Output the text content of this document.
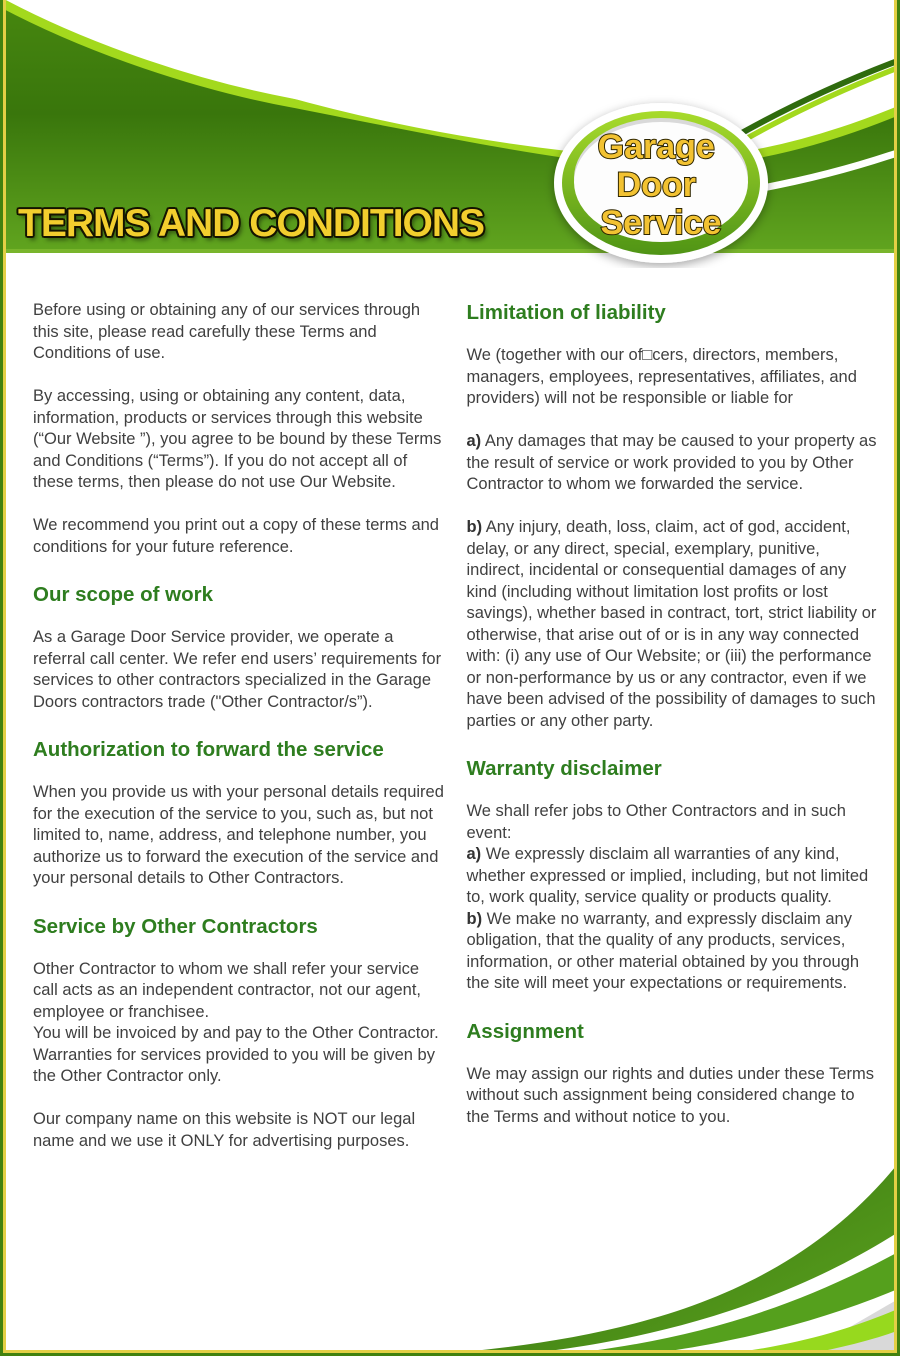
Garage Door Service
TERMS AND CONDITIONS

Before using or obtaining any of our services through this site, please read carefully these Terms and Conditions of use.

By accessing, using or obtaining any content, data, information, products or services through this website (“Our Website ”), you agree to be bound by these Terms and Conditions (“Terms”). If you do not accept all of these terms, then please do not use Our Website.

We recommend you print out a copy of these terms and conditions for your future reference.

Our scope of work

As a Garage Door Service provider, we operate a referral call center. We refer end users’ requirements for services to other contractors specialized in the Garage Doors contractors trade ("Other Contractor/s”).

Authorization to forward the service

When you provide us with your personal details required for the execution of the service to you, such as, but not limited to, name, address, and telephone number, you authorize us to forward the execution of the service and your personal details to Other Contractors.

Service by Other Contractors

Other Contractor to whom we shall refer your service call acts as an independent contractor, not our agent, employee or franchisee.

You will be invoiced by and pay to the Other Contractor.

Warranties for services provided to you will be given by the Other Contractor only.

Our company name on this website is NOT our legal name and we use it ONLY for advertising purposes.

Limitation of liability

We (together with our of□cers, directors, members, managers, employees, representatives, affiliates, and providers) will not be responsible or liable for

a) Any damages that may be caused to your property as the result of service or work provided to you by Other Contractor to whom we forwarded the service.

b) Any injury, death, loss, claim, act of god, accident, delay, or any direct, special, exemplary, punitive, indirect, incidental or consequential damages of any kind (including without limitation lost profits or lost savings), whether based in contract, tort, strict liability or otherwise, that arise out of or is in any way connected with: (i) any use of Our Website; or (iii) the performance or non-performance by us or any contractor, even if we have been advised of the possibility of damages to such parties or any other party.

Warranty disclaimer

We shall refer jobs to Other Contractors and in such event:

a) We expressly disclaim all warranties of any kind, whether expressed or implied, including, but not limited to, work quality, service quality or products quality.

b) We make no warranty, and expressly disclaim any obligation, that the quality of any products, services, information, or other material obtained by you through the site will meet your expectations or requirements.

Assignment

We may assign our rights and duties under these Terms without such assignment being considered change to the Terms and without notice to you.
